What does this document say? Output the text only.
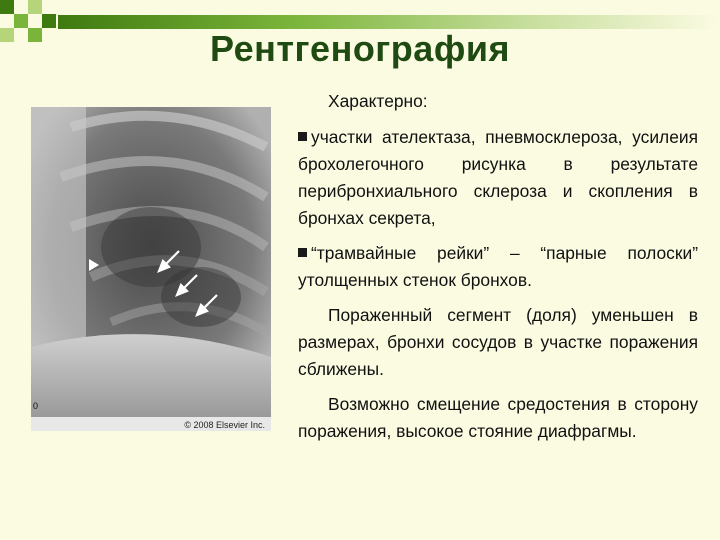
Рентгенография
0
© 2008 Elsevier Inc.

Характерно:

участки ателектаза, пневмосклероза, усилеия брохолегочного рисунка в результате перибронхиального склероза и скопления в бронхах секрета,

“трамвайные рейки” – “парные полоски” утолщенных стенок бронхов.

Пораженный сегмент (доля) уменьшен в размерах, бронхи сосудов в участке поражения сближены.

Возможно смещение средостения в сторону поражения, высокое стояние диафрагмы.
